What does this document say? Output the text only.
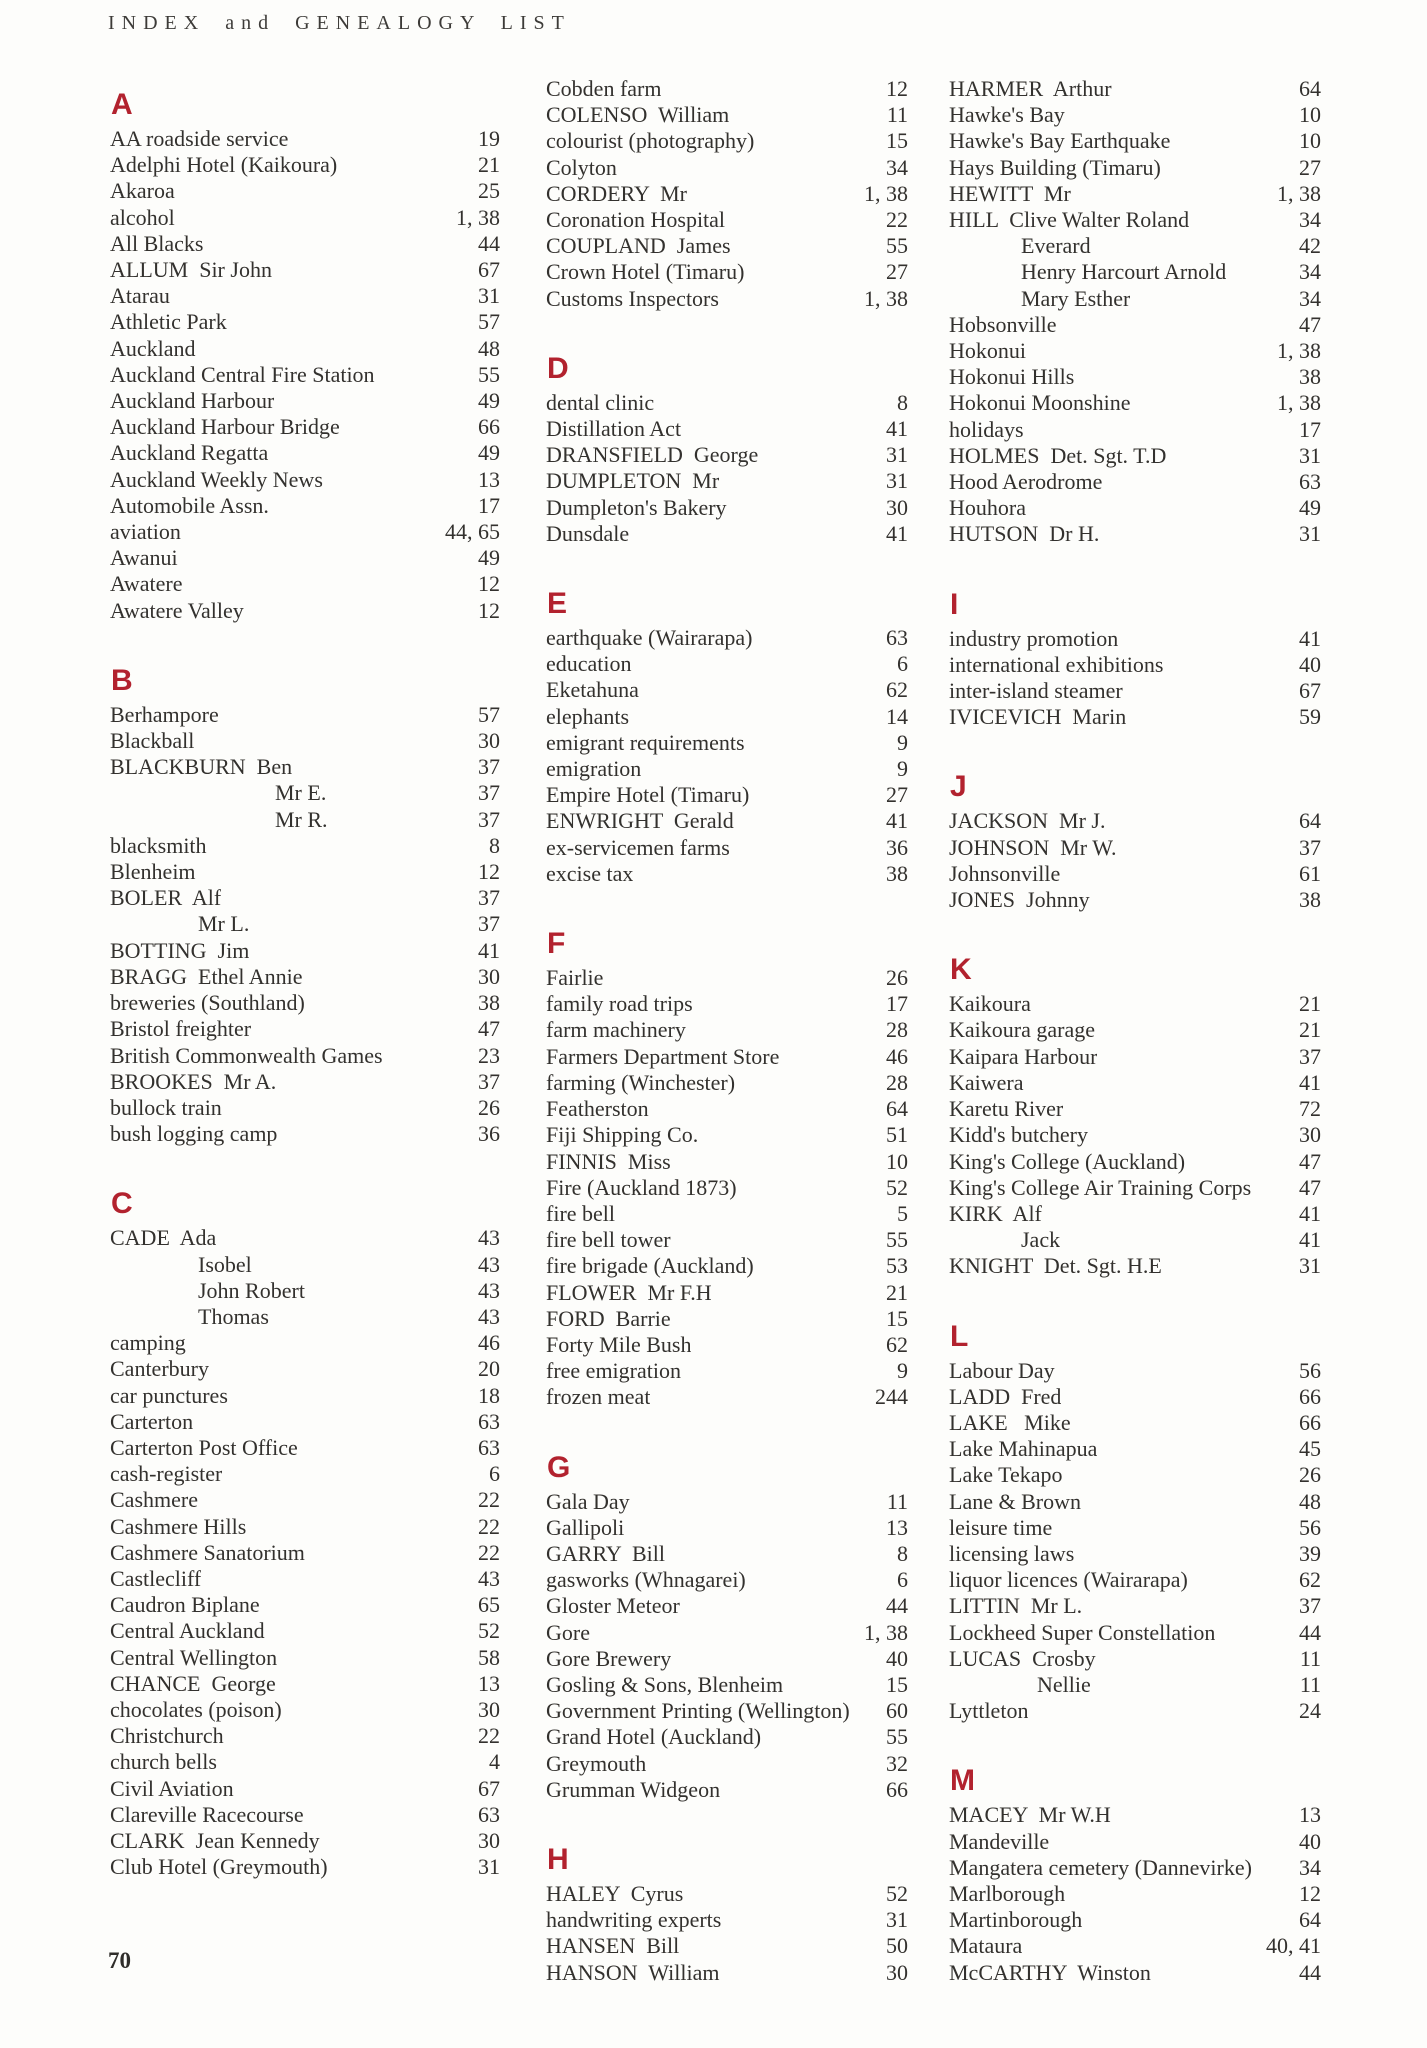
INDEX and GENEALOGY LIST
A
AA roadside service	19
Adelphi Hotel (Kaikoura)	21
Akaroa	25
alcohol	1, 38
All Blacks	44
ALLUM  Sir John	67
Atarau	31
Athletic Park	57
Auckland	48
Auckland Central Fire Station	55
Auckland Harbour	49
Auckland Harbour Bridge	66
Auckland Regatta	49
Auckland Weekly News	13
Automobile Assn.	17
aviation	44, 65
Awanui	49
Awatere	12
Awatere Valley	12
B
Berhampore	57
Blackball	30
BLACKBURN  Ben	37
Mr E.	37
Mr R.	37
blacksmith	8
Blenheim	12
BOLER  Alf	37
Mr L.	37
BOTTING  Jim	41
BRAGG  Ethel Annie	30
breweries (Southland)	38
Bristol freighter	47
British Commonwealth Games	23
BROOKES  Mr A.	37
bullock train	26
bush logging camp	36
C
CADE  Ada	43
Isobel	43
John Robert	43
Thomas	43
camping	46
Canterbury	20
car punctures	18
Carterton	63
Carterton Post Office	63
cash-register	6
Cashmere	22
Cashmere Hills	22
Cashmere Sanatorium	22
Castlecliff	43
Caudron Biplane	65
Central Auckland	52
Central Wellington	58
CHANCE  George	13
chocolates (poison)	30
Christchurch	22
church bells	4
Civil Aviation	67
Clareville Racecourse	63
CLARK  Jean Kennedy	30
Club Hotel (Greymouth)	31
Cobden farm	12
COLENSO  William	11
colourist (photography)	15
Colyton	34
CORDERY  Mr	1, 38
Coronation Hospital	22
COUPLAND  James	55
Crown Hotel (Timaru)	27
Customs Inspectors	1, 38
D
dental clinic	8
Distillation Act	41
DRANSFIELD  George	31
DUMPLETON  Mr	31
Dumpleton's Bakery	30
Dunsdale	41
E
earthquake (Wairarapa)	63
education	6
Eketahuna	62
elephants	14
emigrant requirements	9
emigration	9
Empire Hotel (Timaru)	27
ENWRIGHT  Gerald	41
ex-servicemen farms	36
excise tax	38
F
Fairlie	26
family road trips	17
farm machinery	28
Farmers Department Store	46
farming (Winchester)	28
Featherston	64
Fiji Shipping Co.	51
FINNIS  Miss	10
Fire (Auckland 1873)	52
fire bell	5
fire bell tower	55
fire brigade (Auckland)	53
FLOWER  Mr F.H	21
FORD  Barrie	15
Forty Mile Bush	62
free emigration	9
frozen meat	244
G
Gala Day	11
Gallipoli	13
GARRY  Bill	8
gasworks (Whnagarei)	6
Gloster Meteor	44
Gore	1, 38
Gore Brewery	40
Gosling & Sons, Blenheim	15
Government Printing (Wellington) 60
Grand Hotel (Auckland)	55
Greymouth	32
Grumman Widgeon	66
H
HALEY  Cyrus	52
handwriting experts	31
HANSEN  Bill	50
HANSON  William	30
HARMER  Arthur	64
Hawke's Bay	10
Hawke's Bay Earthquake	10
Hays Building (Timaru)	27
HEWITT  Mr	1, 38
HILL  Clive Walter Roland	34
Everard	42
Henry Harcourt Arnold	34
Mary Esther	34
Hobsonville	47
Hokonui	1, 38
Hokonui Hills	38
Hokonui Moonshine	1, 38
holidays	17
HOLMES  Det. Sgt. T.D	31
Hood Aerodrome	63
Houhora	49
HUTSON  Dr H.	31
I
industry promotion	41
international exhibitions	40
inter-island steamer	67
IVICEVICH  Marin	59
J
JACKSON  Mr J.	64
JOHNSON  Mr W.	37
Johnsonville	61
JONES  Johnny	38
K
Kaikoura	21
Kaikoura garage	21
Kaipara Harbour	37
Kaiwera	41
Karetu River	72
Kidd's butchery	30
King's College (Auckland)	47
King's College Air Training Corps 47
KIRK  Alf	41
Jack	41
KNIGHT  Det. Sgt. H.E	31
L
Labour Day	56
LADD  Fred	66
LAKE   Mike	66
Lake Mahinapua	45
Lake Tekapo	26
Lane & Brown	48
leisure time	56
licensing laws	39
liquor licences (Wairarapa)	62
LITTIN  Mr L.	37
Lockheed Super Constellation	44
LUCAS  Crosby	11
Nellie	11
Lyttleton	24
M
MACEY  Mr W.H	13
Mandeville	40
Mangatera cemetery (Dannevirke) 34
Marlborough	12
Martinborough	64
Mataura	40, 41
McCARTHY  Winston	44
70
